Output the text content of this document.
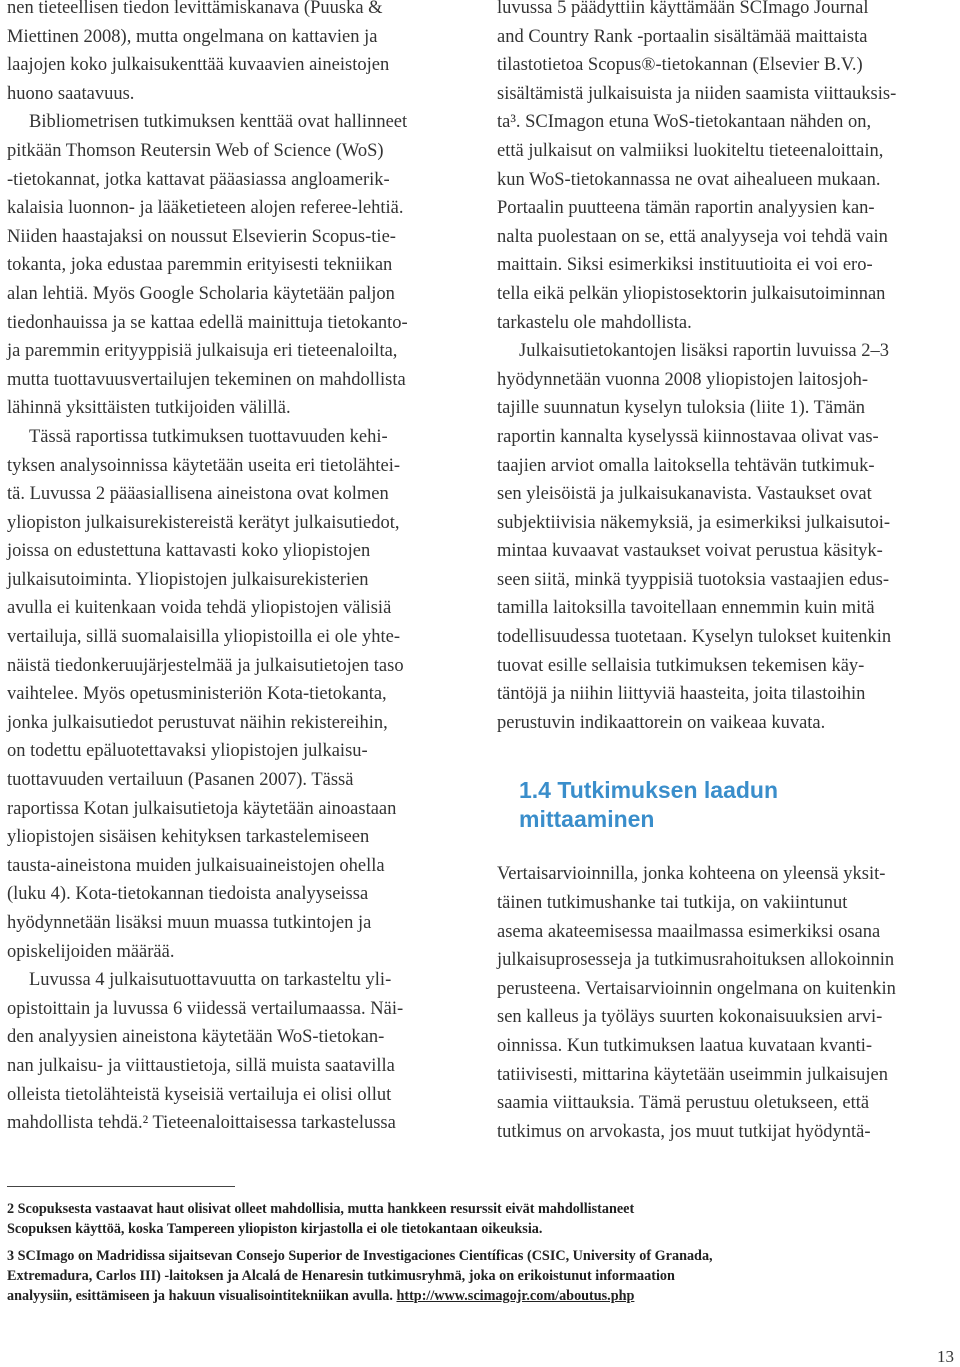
nen tieteellisen tiedon levittämiskanava (Puuska &
Miettinen 2008), mutta ongelmana on kattavien ja
laajojen koko julkaisukenttää kuvaavien aineistojen
huono saatavuus.
Bibliometrisen tutkimuksen kenttää ovat hallinneet
pitkään Thomson Reutersin Web of Science (WoS)
-tietokannat, jotka kattavat pääasiassa angloamerik-
kalaisia luonnon- ja lääketieteen alojen referee-lehtiä.
Niiden haastajaksi on noussut Elsevierin Scopus-tie-
tokanta, joka edustaa paremmin erityisesti tekniikan
alan lehtiä. Myös Google Scholaria käytetään paljon
tiedonhauissa ja se kattaa edellä mainittuja tietokanto-
ja paremmin erityyppisiä julkaisuja eri tieteenaloilta,
mutta tuottavuusvertailujen tekeminen on mahdollista
lähinnä yksittäisten tutkijoiden välillä.
Tässä raportissa tutkimuksen tuottavuuden kehi-
tyksen analysoinnissa käytetään useita eri tietolähtei-
tä. Luvussa 2 pääasiallisena aineistona ovat kolmen
yliopiston julkaisurekistereistä kerätyt julkaisutiedot,
joissa on edustettuna kattavasti koko yliopistojen
julkaisutoiminta. Yliopistojen julkaisurekisterien
avulla ei kuitenkaan voida tehdä yliopistojen välisiä
vertailuja, sillä suomalaisilla yliopistoilla ei ole yhte-
näistä tiedonkeruujärjestelmää ja julkaisutietojen taso
vaihtelee. Myös opetusministeriön Kota-tietokanta,
jonka julkaisutiedot perustuvat näihin rekistereihin,
on todettu epäluotettavaksi yliopistojen julkaisu-
tuottavuuden vertailuun (Pasanen 2007). Tässä
raportissa Kotan julkaisutietoja käytetään ainoastaan
yliopistojen sisäisen kehityksen tarkastelemiseen
tausta-aineistona muiden julkaisuaineistojen ohella
(luku 4). Kota-tietokannan tiedoista analyyseissa
hyödynnetään lisäksi muun muassa tutkintojen ja
opiskelijoiden määrää.
Luvussa 4 julkaisutuottavuutta on tarkasteltu yli-
opistoittain ja luvussa 6 viidessä vertailumaassa. Näi-
den analyysien aineistona käytetään WoS-tietokan-
nan julkaisu- ja viittaustietoja, sillä muista saatavilla
olleista tietolähteistä kyseisiä vertailuja ei olisi ollut
mahdollista tehdä.² Tieteenaloittaisessa tarkastelussa
luvussa 5 päädyttiin käyttämään SCImago Journal
and Country Rank -portaalin sisältämää maittaista
tilastotietoa Scopus®-tietokannan (Elsevier B.V.)
sisältämistä julkaisuista ja niiden saamista viittauksis-
ta³. SCImagon etuna WoS-tietokantaan nähden on,
että julkaisut on valmiiksi luokiteltu tieteenaloittain,
kun WoS-tietokannassa ne ovat aihealueen mukaan.
Portaalin puutteena tämän raportin analyysien kan-
nalta puolestaan on se, että analyyseja voi tehdä vain
maittain. Siksi esimerkiksi instituutioita ei voi ero-
tella eikä pelkän yliopistosektorin julkaisutoiminnan
tarkastelu ole mahdollista.
Julkaisutietokantojen lisäksi raportin luvuissa 2–3
hyödynnetään vuonna 2008 yliopistojen laitosjoh-
tajille suunnatun kyselyn tuloksia (liite 1). Tämän
raportin kannalta kyselyssä kiinnostavaa olivat vas-
taajien arviot omalla laitoksella tehtävän tutkimuk-
sen yleisöistä ja julkaisukanavista. Vastaukset ovat
subjektiivisia näkemyksiä, ja esimerkiksi julkaisutoi-
mintaa kuvaavat vastaukset voivat perustua käsityk-
seen siitä, minkä tyyppisiä tuotoksia vastaajien edus-
tamilla laitoksilla tavoitellaan ennemmin kuin mitä
todellisuudessa tuotetaan. Kyselyn tulokset kuitenkin
tuovat esille sellaisia tutkimuksen tekemisen käy-
täntöjä ja niihin liittyviä haasteita, joita tilastoihin
perustuvin indikaattorein on vaikeaa kuvata.
1.4 Tutkimuksen laadun
mittaaminen
Vertaisarvioinnilla, jonka kohteena on yleensä yksit-
täinen tutkimushanke tai tutkija, on vakiintunut
asema akateemisessa maailmassa esimerkiksi osana
julkaisuprosesseja ja tutkimusrahoituksen allokoinnin
perusteena. Vertaisarvioinnin ongelmana on kuitenkin
sen kalleus ja työläys suurten kokonaisuuksien arvi-
oinnissa. Kun tutkimuksen laatua kuvataan kvanti-
tatiivisesti, mittarina käytetään useimmin julkaisujen
saamia viittauksia. Tämä perustuu oletukseen, että
tutkimus on arvokasta, jos muut tutkijat hyödyntä-
2 Scopuksesta vastaavat haut olisivat olleet mahdollisia, mutta hankkeen resurssit eivät mahdollistaneet
Scopuksen käyttöä, koska Tampereen yliopiston kirjastolla ei ole tietokantaan oikeuksia.
3 SCImago on Madridissa sijaitsevan Consejo Superior de Investigaciones Científicas (CSIC, University of Granada,
Extremadura, Carlos III) -laitoksen ja Alcalá de Henaresin tutkimusryhmä, joka on erikoistunut informaation
analyysiin, esittämiseen ja hakuun visualisointitekniikan avulla. http://www.scimagojr.com/aboutus.php
13
